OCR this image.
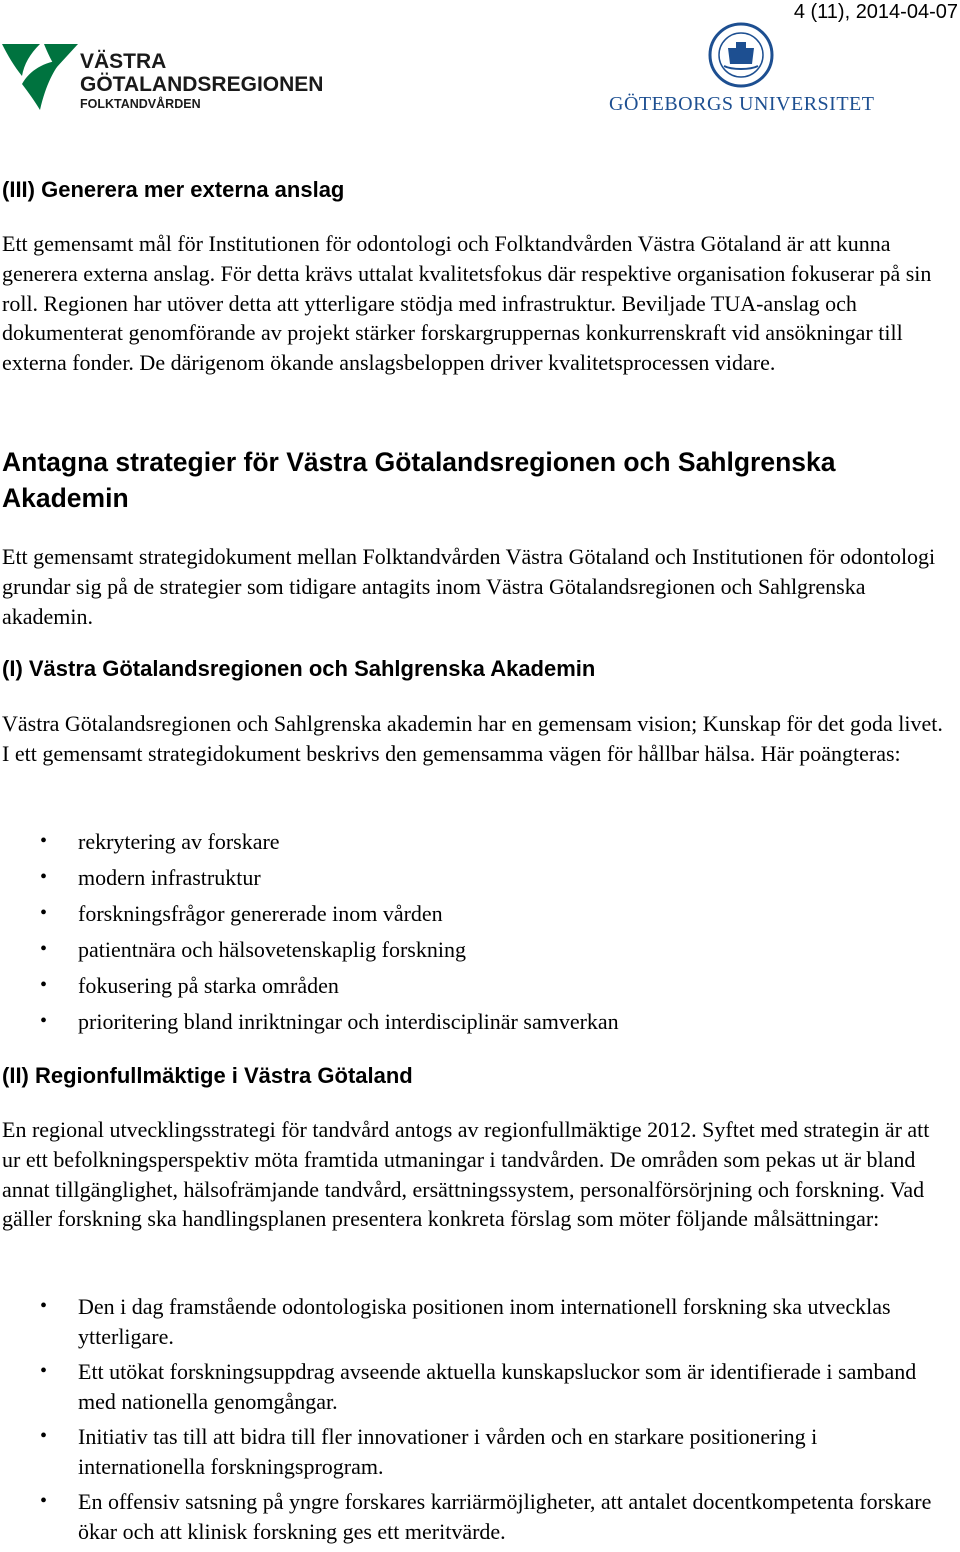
4 (11), 2014-04-07
VÄSTRA
GÖTALANDSREGIONEN
FOLKTANDVÅRDEN	GÖTEBORGS UNIVERSITET
(III) Generera mer externa anslag

Ett gemensamt mål för Institutionen för odontologi och Folktandvården Västra Götaland är att kunna generera externa anslag. För detta krävs uttalat kvalitetsfokus där respektive organisation fokuserar på sin roll. Regionen har utöver detta att ytterligare stödja med infrastruktur. Beviljade TUA-anslag och dokumenterat genomförande av projekt stärker forskargruppernas konkurrenskraft vid ansökningar till externa fonder. De därigenom ökande anslagsbeloppen driver kvalitetsprocessen vidare.

Antagna strategier för Västra Götalandsregionen och Sahlgrenska Akademin

Ett gemensamt strategidokument mellan Folktandvården Västra Götaland och Institutionen för odontologi grundar sig på de strategier som tidigare antagits inom Västra Götalandsregionen och Sahlgrenska akademin.

(I) Västra Götalandsregionen och Sahlgrenska Akademin

Västra Götalandsregionen och Sahlgrenska akademin har en gemensam vision; Kunskap för det goda livet. I ett gemensamt strategidokument beskrivs den gemensamma vägen för hållbar hälsa. Här poängteras:

• rekrytering av forskare
• modern infrastruktur
• forskningsfrågor genererade inom vården
• patientnära och hälsovetenskaplig forskning
• fokusering på starka områden
• prioritering bland inriktningar och interdisciplinär samverkan
(II) Regionfullmäktige i Västra Götaland

En regional utvecklingsstrategi för tandvård antogs av regionfullmäktige 2012. Syftet med strategin är att ur ett befolkningsperspektiv möta framtida utmaningar i tandvården. De områden som pekas ut är bland annat tillgänglighet, hälsofrämjande tandvård, ersättningssystem, personalförsörjning och forskning. Vad gäller forskning ska handlingsplanen presentera konkreta förslag som möter följande målsättningar:

• Den i dag framstående odontologiska positionen inom internationell forskning ska utvecklas ytterligare.
• Ett utökat forskningsuppdrag avseende aktuella kunskapsluckor som är identifierade i samband med nationella genomgångar.
• Initiativ tas till att bidra till fler innovationer i vården och en starkare positionering i internationella forskningsprogram.
• En offensiv satsning på yngre forskares karriärmöjligheter, att antalet docentkompetenta forskare ökar och att klinisk forskning ges ett meritvärde.
